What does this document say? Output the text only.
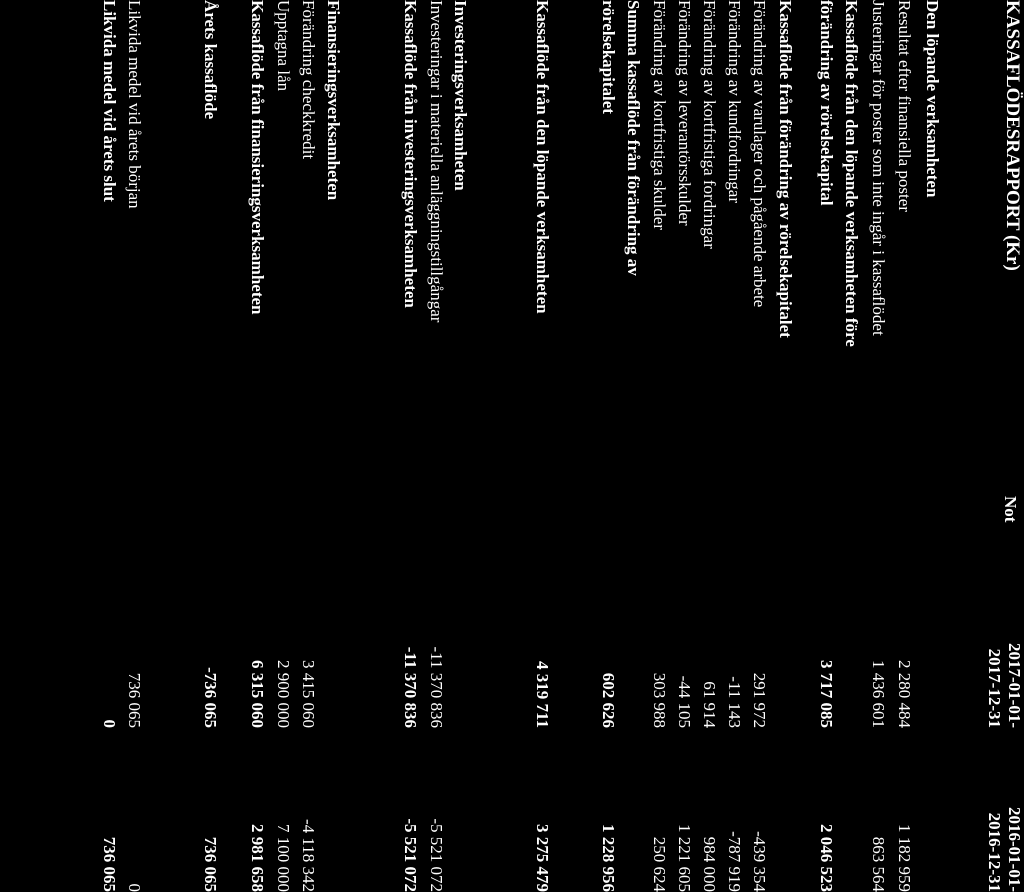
KASSAFLÖDESRAPPORT (Kr)
Not
2017-01-01-
2017-12-31
2016-01-01-
2016-12-31
Den löpande verksamheten
Resultat efter finansiella poster
2 280 484
1 182 959
Justeringar för poster som inte ingår i kassaflödet
1 436 601
863 564
Kassaflöde från den löpande verksamheten före
förändring av rörelsekapital
3 717 085
2 046 523
Kassaflöde från förändring av rörelsekapitalet
Förändring av varulager och pågående arbete
291 972
-439 354
Förändring av kundfordringar
-11 143
-787 919
Förändring av kortfristiga fordringar
61 914
984 000
Förändring av leverantörsskulder
-44 105
1 221 605
Förändring av kortfristiga skulder
303 988
250 624
Summa kassaflöde från förändring av
rörelsekapitalet
602 626
1 228 956
Kassaflöde från den löpande verksamheten
4 319 711
3 275 479
Investeringsverksamheten
Investeringar i materiella anläggningstillgångar
-11 370 836
-5 521 072
Kassaflöde från investeringsverksamheten
-11 370 836
-5 521 072
Finansieringsverksamheten
Förändring checkkredit
3 415 060
-4 118 342
Upptagna lån
2 900 000
7 100 000
Kassaflöde från finansieringsverksamheten
6 315 060
2 981 658
Årets kassaflöde
-736 065
736 065
Likvida medel vid årets början
736 065
0
Likvida medel vid årets slut
0
736 065
